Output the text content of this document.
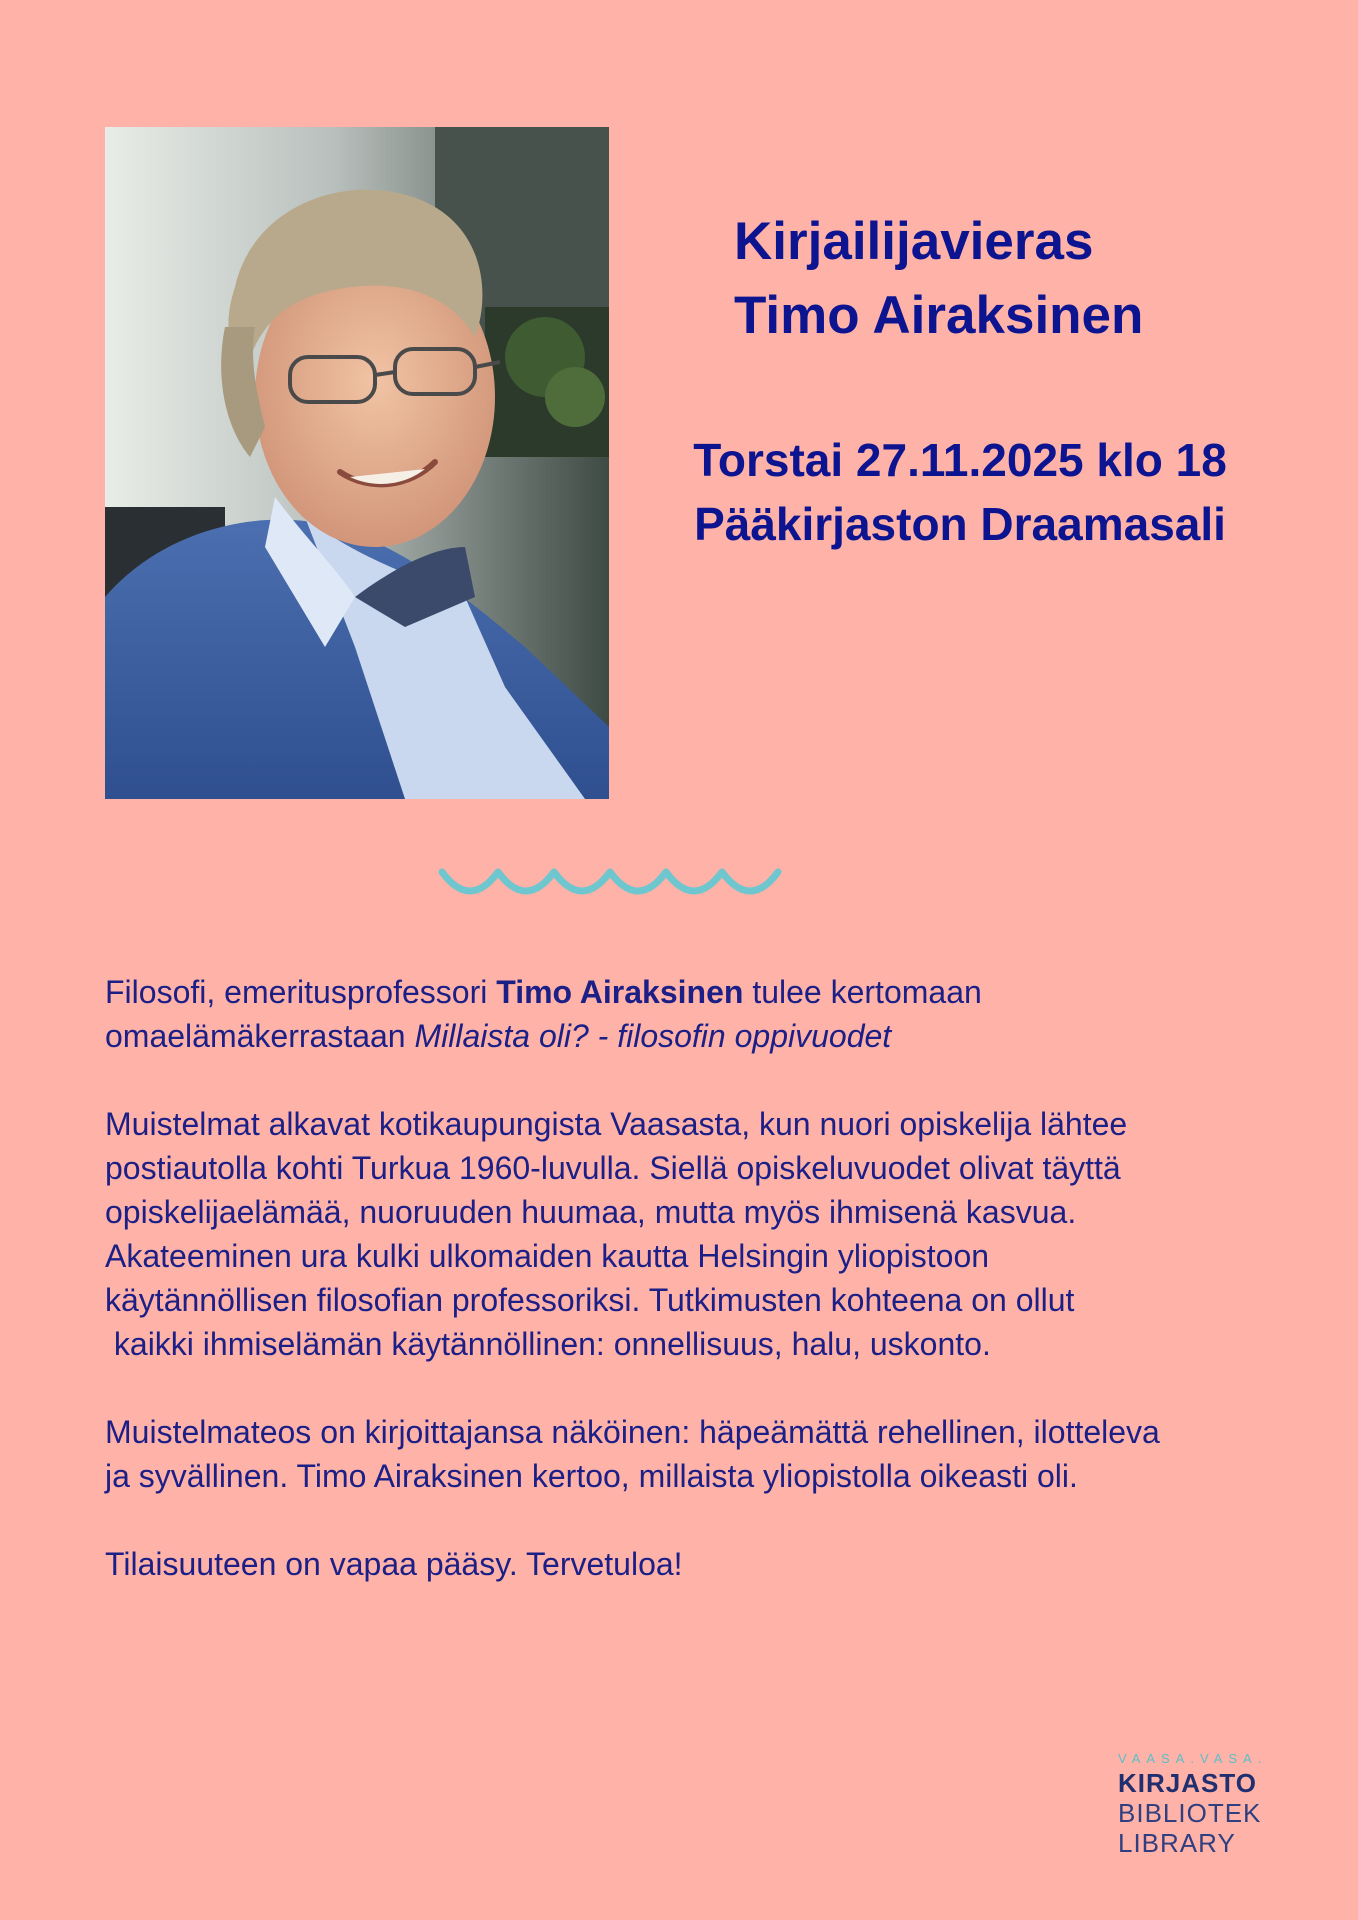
Kirjailijavieras
Timo Airaksinen
Torstai 27.11.2025 klo 18
Pääkirjaston Draamasali

Filosofi, emeritusprofessori Timo Airaksinen tulee kertomaan
omaelämäkerrastaan Millaista oli? - filosofin oppivuodet

Muistelmat alkavat kotikaupungista Vaasasta, kun nuori opiskelija lähtee
postiautolla kohti Turkua 1960-luvulla. Siellä opiskeluvuodet olivat täyttä
opiskelijaelämää, nuoruuden huumaa, mutta myös ihmisenä kasvua.
Akateeminen ura kulki ulkomaiden kautta Helsingin yliopistoon
käytännöllisen filosofian professoriksi. Tutkimusten kohteena on ollut
kaikki ihmiselämän käytännöllinen: onnellisuus, halu, uskonto.

Muistelmateos on kirjoittajansa näköinen: häpeämättä rehellinen, ilotteleva
ja syvällinen. Timo Airaksinen kertoo, millaista yliopistolla oikeasti oli.

Tilaisuuteen on vapaa pääsy. Tervetuloa!

VAASA.VASA.
KIRJASTO
BIBLIOTEK
LIBRARY
